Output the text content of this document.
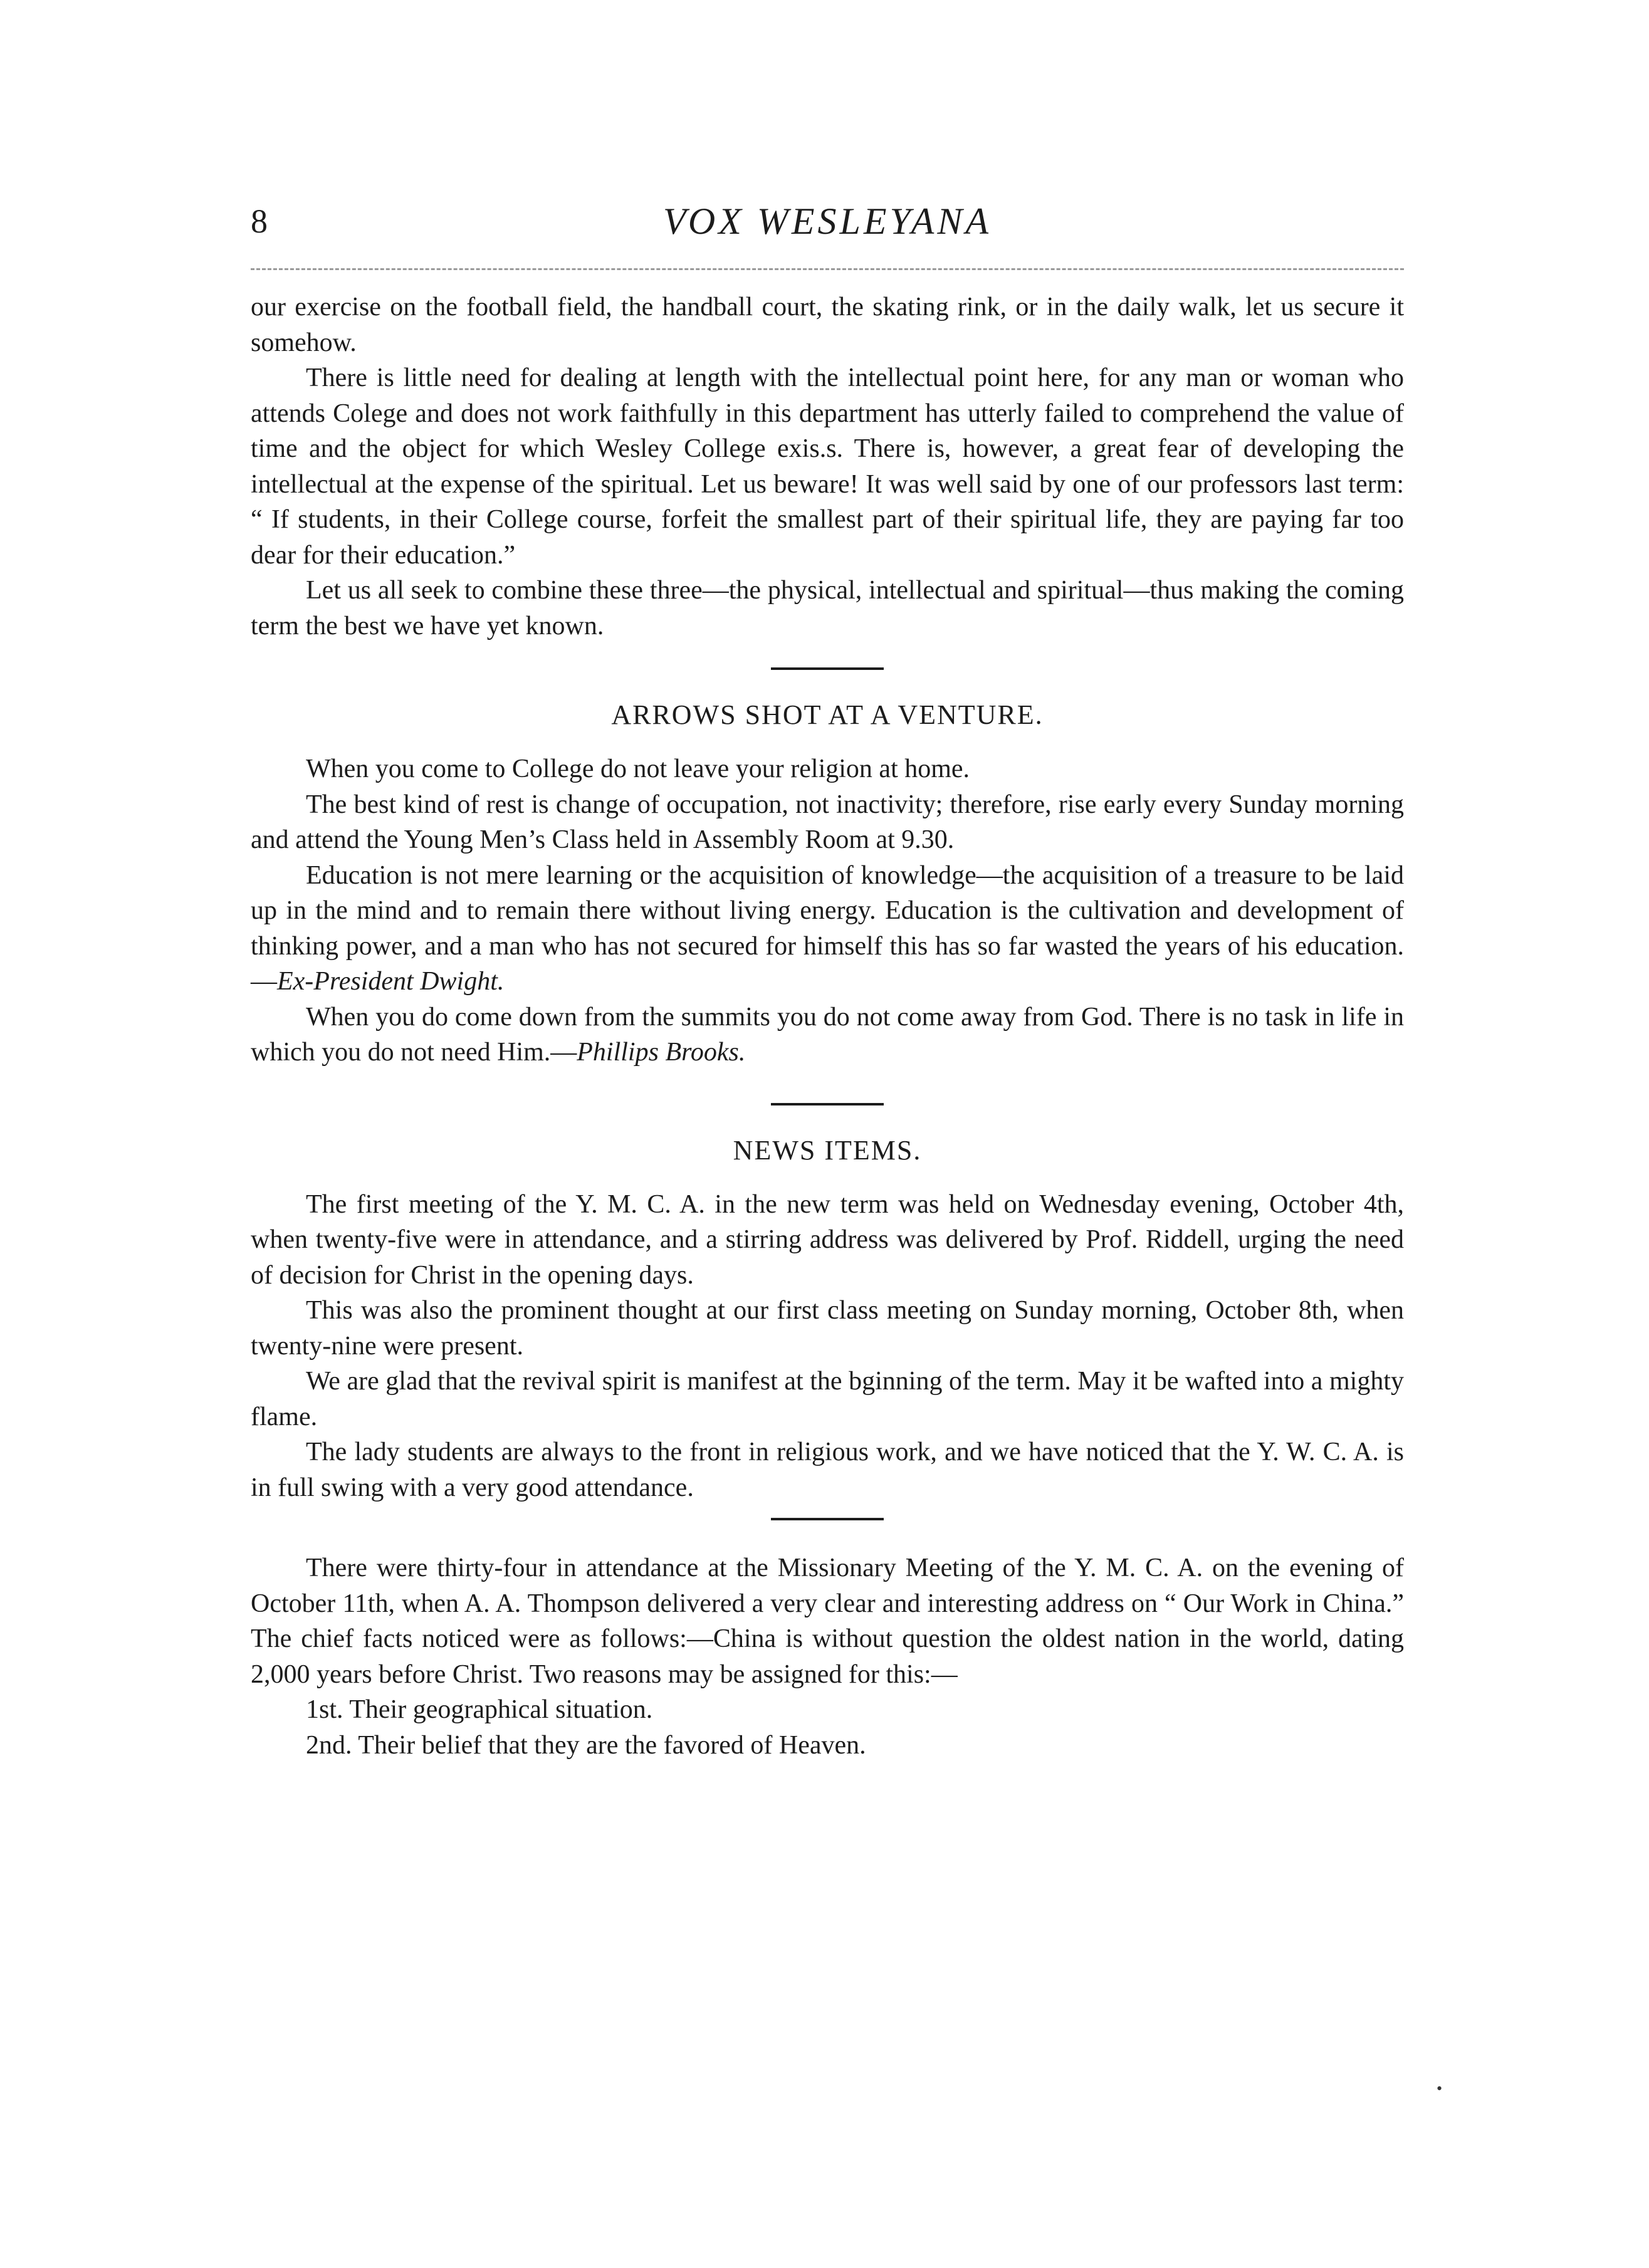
8	VOX WESLEYANA

our exercise on the football field, the handball court, the skating rink, or in the daily walk, let us secure it somehow.

There is little need for dealing at length with the intellectual point here, for any man or woman who attends Colege and does not work faithfully in this department has utterly failed to comprehend the value of time and the object for which Wesley College exis.s. There is, however, a great fear of developing the intellectual at the expense of the spiritual. Let us beware! It was well said by one of our professors last term: “ If students, in their College course, forfeit the smallest part of their spiritual life, they are paying far too dear for their education.”

Let us all seek to combine these three—the physical, intellectual and spiritual—thus making the coming term the best we have yet known.

ARROWS SHOT AT A VENTURE.

When you come to College do not leave your religion at home.

The best kind of rest is change of occupation, not inactivity; therefore, rise early every Sunday morning and attend the Young Men’s Class held in Assembly Room at 9.30.

Education is not mere learning or the acquisition of knowledge—the acquisition of a treasure to be laid up in the mind and to remain there without living energy. Education is the cultivation and development of thinking power, and a man who has not secured for himself this has so far wasted the years of his education.—Ex-President Dwight.

When you do come down from the summits you do not come away from God. There is no task in life in which you do not need Him.—Phillips Brooks.

NEWS ITEMS.

The first meeting of the Y. M. C. A. in the new term was held on Wednesday evening, October 4th, when twenty-five were in attendance, and a stirring address was delivered by Prof. Riddell, urging the need of decision for Christ in the opening days.

This was also the prominent thought at our first class meeting on Sunday morning, October 8th, when twenty-nine were present.

We are glad that the revival spirit is manifest at the bginning of the term. May it be wafted into a mighty flame.

The lady students are always to the front in religious work, and we have noticed that the Y. W. C. A. is in full swing with a very good attendance.

There were thirty-four in attendance at the Missionary Meeting of the Y. M. C. A. on the evening of October 11th, when A. A. Thompson delivered a very clear and interesting address on “ Our Work in China.” The chief facts noticed were as follows:—China is without question the oldest nation in the world, dating 2,000 years before Christ. Two reasons may be assigned for this:—

1st. Their geographical situation.

2nd. Their belief that they are the favored of Heaven.

•
